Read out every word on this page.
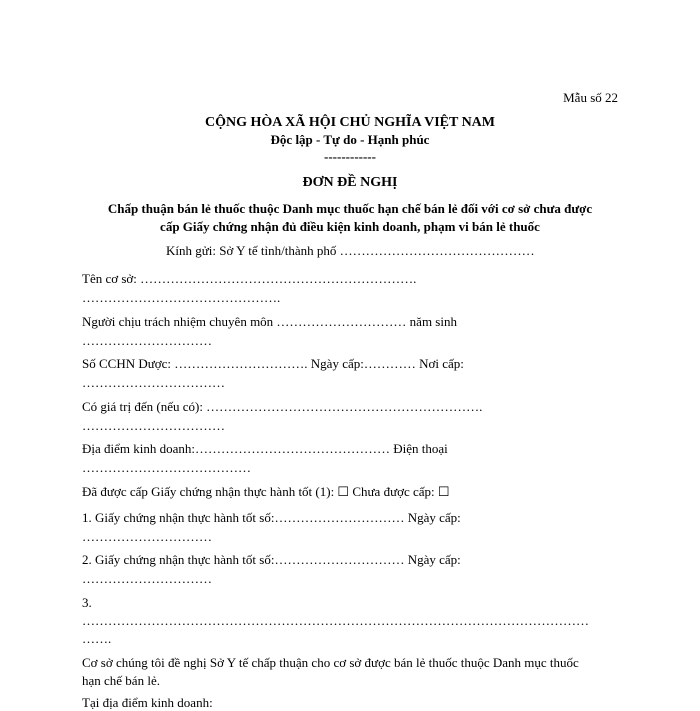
Mẫu số 22
CỘNG HÒA XÃ HỘI CHỦ NGHĨA VIỆT NAM
Độc lập - Tự do - Hạnh phúc
------------
ĐƠN ĐỀ NGHỊ
Chấp thuận bán lẻ thuốc thuộc Danh mục thuốc hạn chế bán lẻ đối với cơ sở chưa được
cấp Giấy chứng nhận đủ điều kiện kinh doanh, phạm vi bán lẻ thuốc
Kính gửi: Sở Y tế tỉnh/thành phố ………………………………………
Tên cơ sở: ……………………………………………………….
……………………………………….
Người chịu trách nhiệm chuyên môn ………………………… năm sinh
…………………………
Số CCHN Dược: …………………………. Ngày cấp:………… Nơi cấp:
……………………………
Có giá trị đến (nếu có): ……………………………………………………….
……………………………
Địa điểm kinh doanh:……………………………………… Điện thoại
…………………………………
Đã được cấp Giấy chứng nhận thực hành tốt (1): ☐ Chưa được cấp: ☐
1. Giấy chứng nhận thực hành tốt số:………………………… Ngày cấp:
…………………………
2. Giấy chứng nhận thực hành tốt số:………………………… Ngày cấp:
…………………………
3.
………………………………………………………………………………………………………
…….
Cơ sở chúng tôi đề nghị Sở Y tế chấp thuận cho cơ sở được bán lẻ thuốc thuộc Danh mục thuốc
hạn chế bán lẻ.
Tại địa điểm kinh doanh:
